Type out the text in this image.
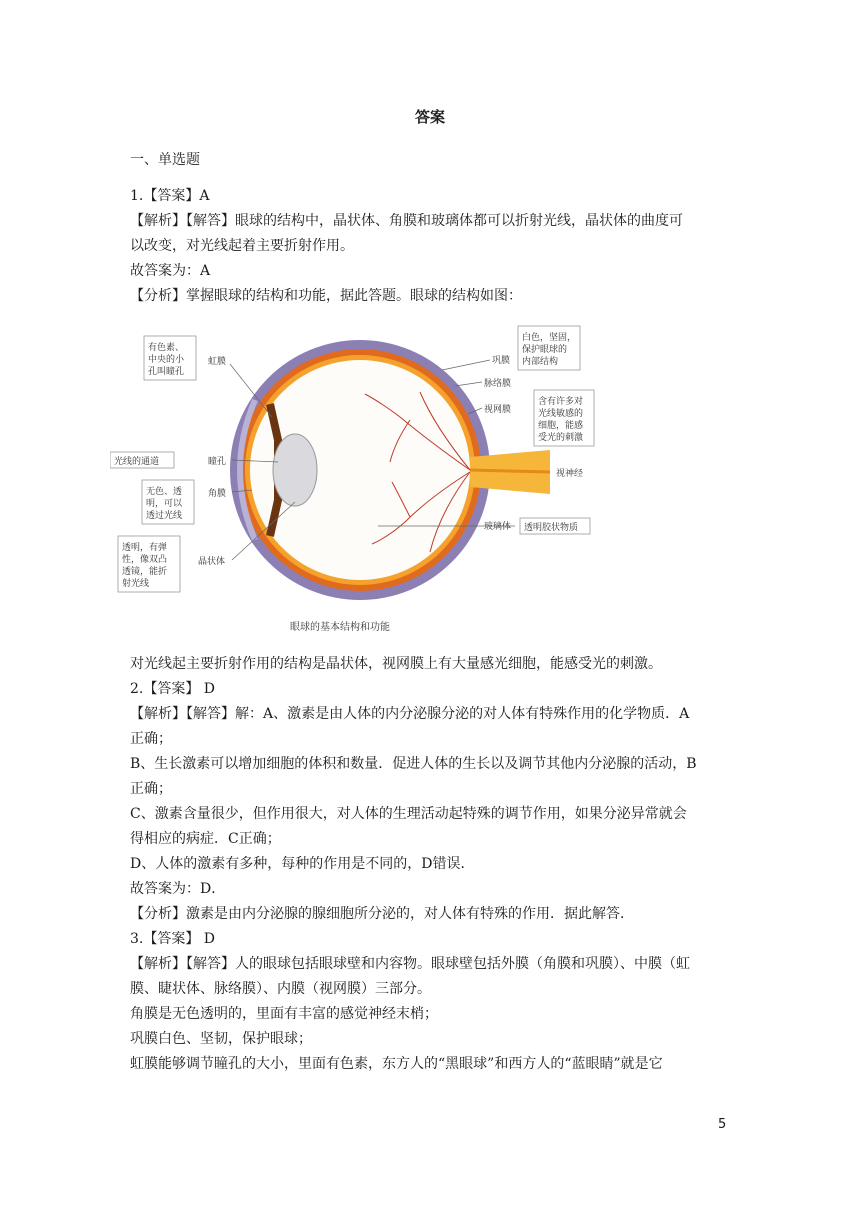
答案
一、单选题
1.【答案】A
【解析】【解答】眼球的结构中，晶状体、角膜和玻璃体都可以折射光线，晶状体的曲度可
以改变，对光线起着主要折射作用。
故答案为：A
【分析】掌握眼球的结构和功能，据此答题。眼球的结构如图：
有色素、
中央的小
孔叫瞳孔
虹膜
光线的通道	瞳孔
无色、透
明，可以
透过光线
角膜
透明，有弹
性，像双凸
透镜，能折
射光线
晶状体
巩膜
脉络膜
视网膜
视神经
玻璃体
白色，坚固，
保护眼球的
内部结构
含有许多对
光线敏感的
细胞，能感
受光的刺激
透明胶状物质
眼球的基本结构和功能
对光线起主要折射作用的结构是晶状体，视网膜上有大量感光细胞，能感受光的刺激。
2.【答案】 D
【解析】【解答】解：A、激素是由人体的内分泌腺分泌的对人体有特殊作用的化学物质．A
正确；
B、生长激素可以增加细胞的体积和数量．促进人体的生长以及调节其他内分泌腺的活动，B
正确；
C、激素含量很少，但作用很大，对人体的生理活动起特殊的调节作用，如果分泌异常就会
得相应的病症．C正确；
D、人体的激素有多种，每种的作用是不同的，D错误．
故答案为：D．
【分析】激素是由内分泌腺的腺细胞所分泌的，对人体有特殊的作用．据此解答．
3.【答案】 D
【解析】【解答】人的眼球包括眼球壁和内容物。眼球壁包括外膜（角膜和巩膜）、中膜（虹
膜、睫状体、脉络膜）、内膜（视网膜）三部分。
角膜是无色透明的，里面有丰富的感觉神经末梢；
巩膜白色、坚韧，保护眼球；
虹膜能够调节瞳孔的大小，里面有色素，东方人的“黑眼球”和西方人的“蓝眼睛”就是它
5
